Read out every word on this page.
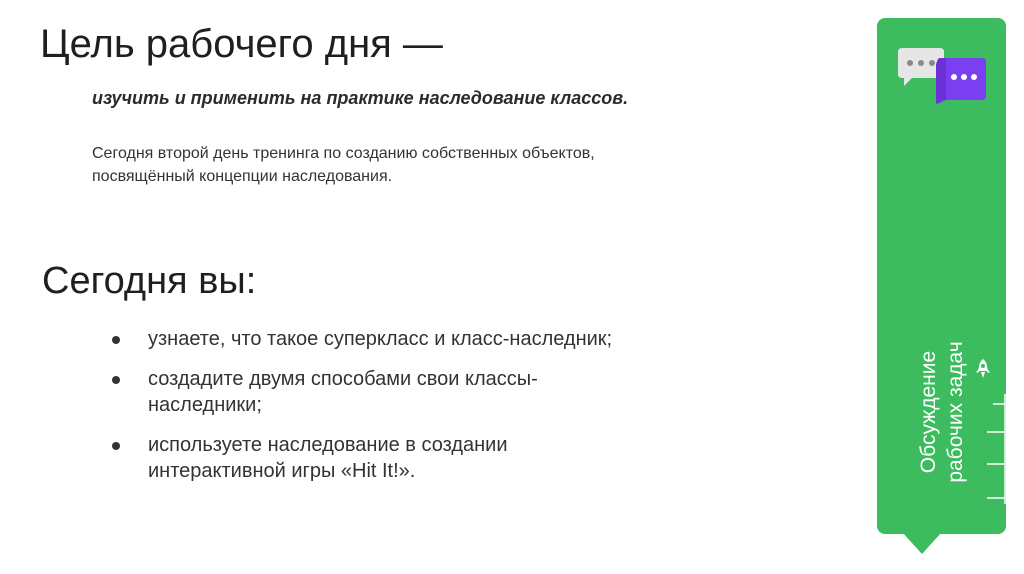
Цель рабочего дня —
изучить и применить на практике наследование классов.
Сегодня второй день тренинга по созданию собственных объектов,
посвящённый концепции наследования.
Сегодня вы:
узнаете, что такое суперкласс и класс-наследник;
создадите двумя способами свои классы-
наследники;
используете наследование в создании
интерактивной игры «Hit It!».	Обсуждение рабочих задач
